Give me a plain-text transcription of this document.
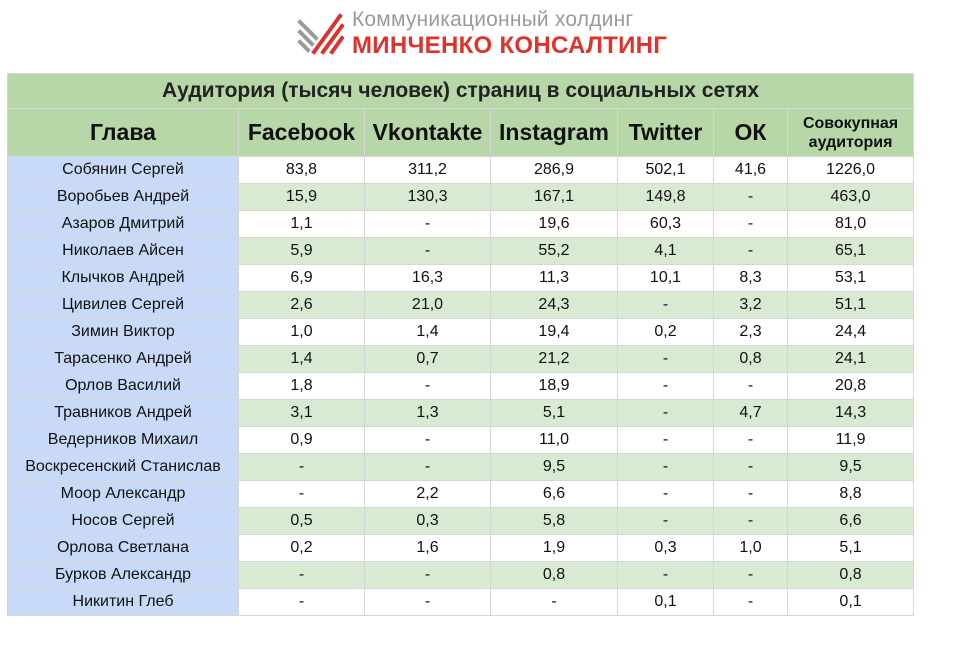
Коммуникационный холдинг
МИНЧЕНКО КОНСАЛТИНГ
Аудитория (тысяч человек) страниц в социальных сетях						
Глава	Facebook	Vkontakte	Instagram	Twitter	ОК	Совокупная аудитория
Собянин Сергей	83,8	311,2	286,9	502,1	41,6	1226,0
Воробьев Андрей	15,9	130,3	167,1	149,8	-	463,0
Азаров Дмитрий	1,1	-	19,6	60,3	-	81,0
Николаев Айсен	5,9	-	55,2	4,1	-	65,1
Клычков Андрей	6,9	16,3	11,3	10,1	8,3	53,1
Цивилев Сергей	2,6	21,0	24,3	-	3,2	51,1
Зимин Виктор	1,0	1,4	19,4	0,2	2,3	24,4
Тарасенко Андрей	1,4	0,7	21,2	-	0,8	24,1
Орлов Василий	1,8	-	18,9	-	-	20,8
Травников Андрей	3,1	1,3	5,1	-	4,7	14,3
Ведерников Михаил	0,9	-	11,0	-	-	11,9
Воскресенский Станислав	-	-	9,5	-	-	9,5
Моор Александр	-	2,2	6,6	-	-	8,8
Носов Сергей	0,5	0,3	5,8	-	-	6,6
Орлова Светлана	0,2	1,6	1,9	0,3	1,0	5,1
Бурков Александр	-	-	0,8	-	-	0,8
Никитин Глеб	-	-	-	0,1	-	0,1
